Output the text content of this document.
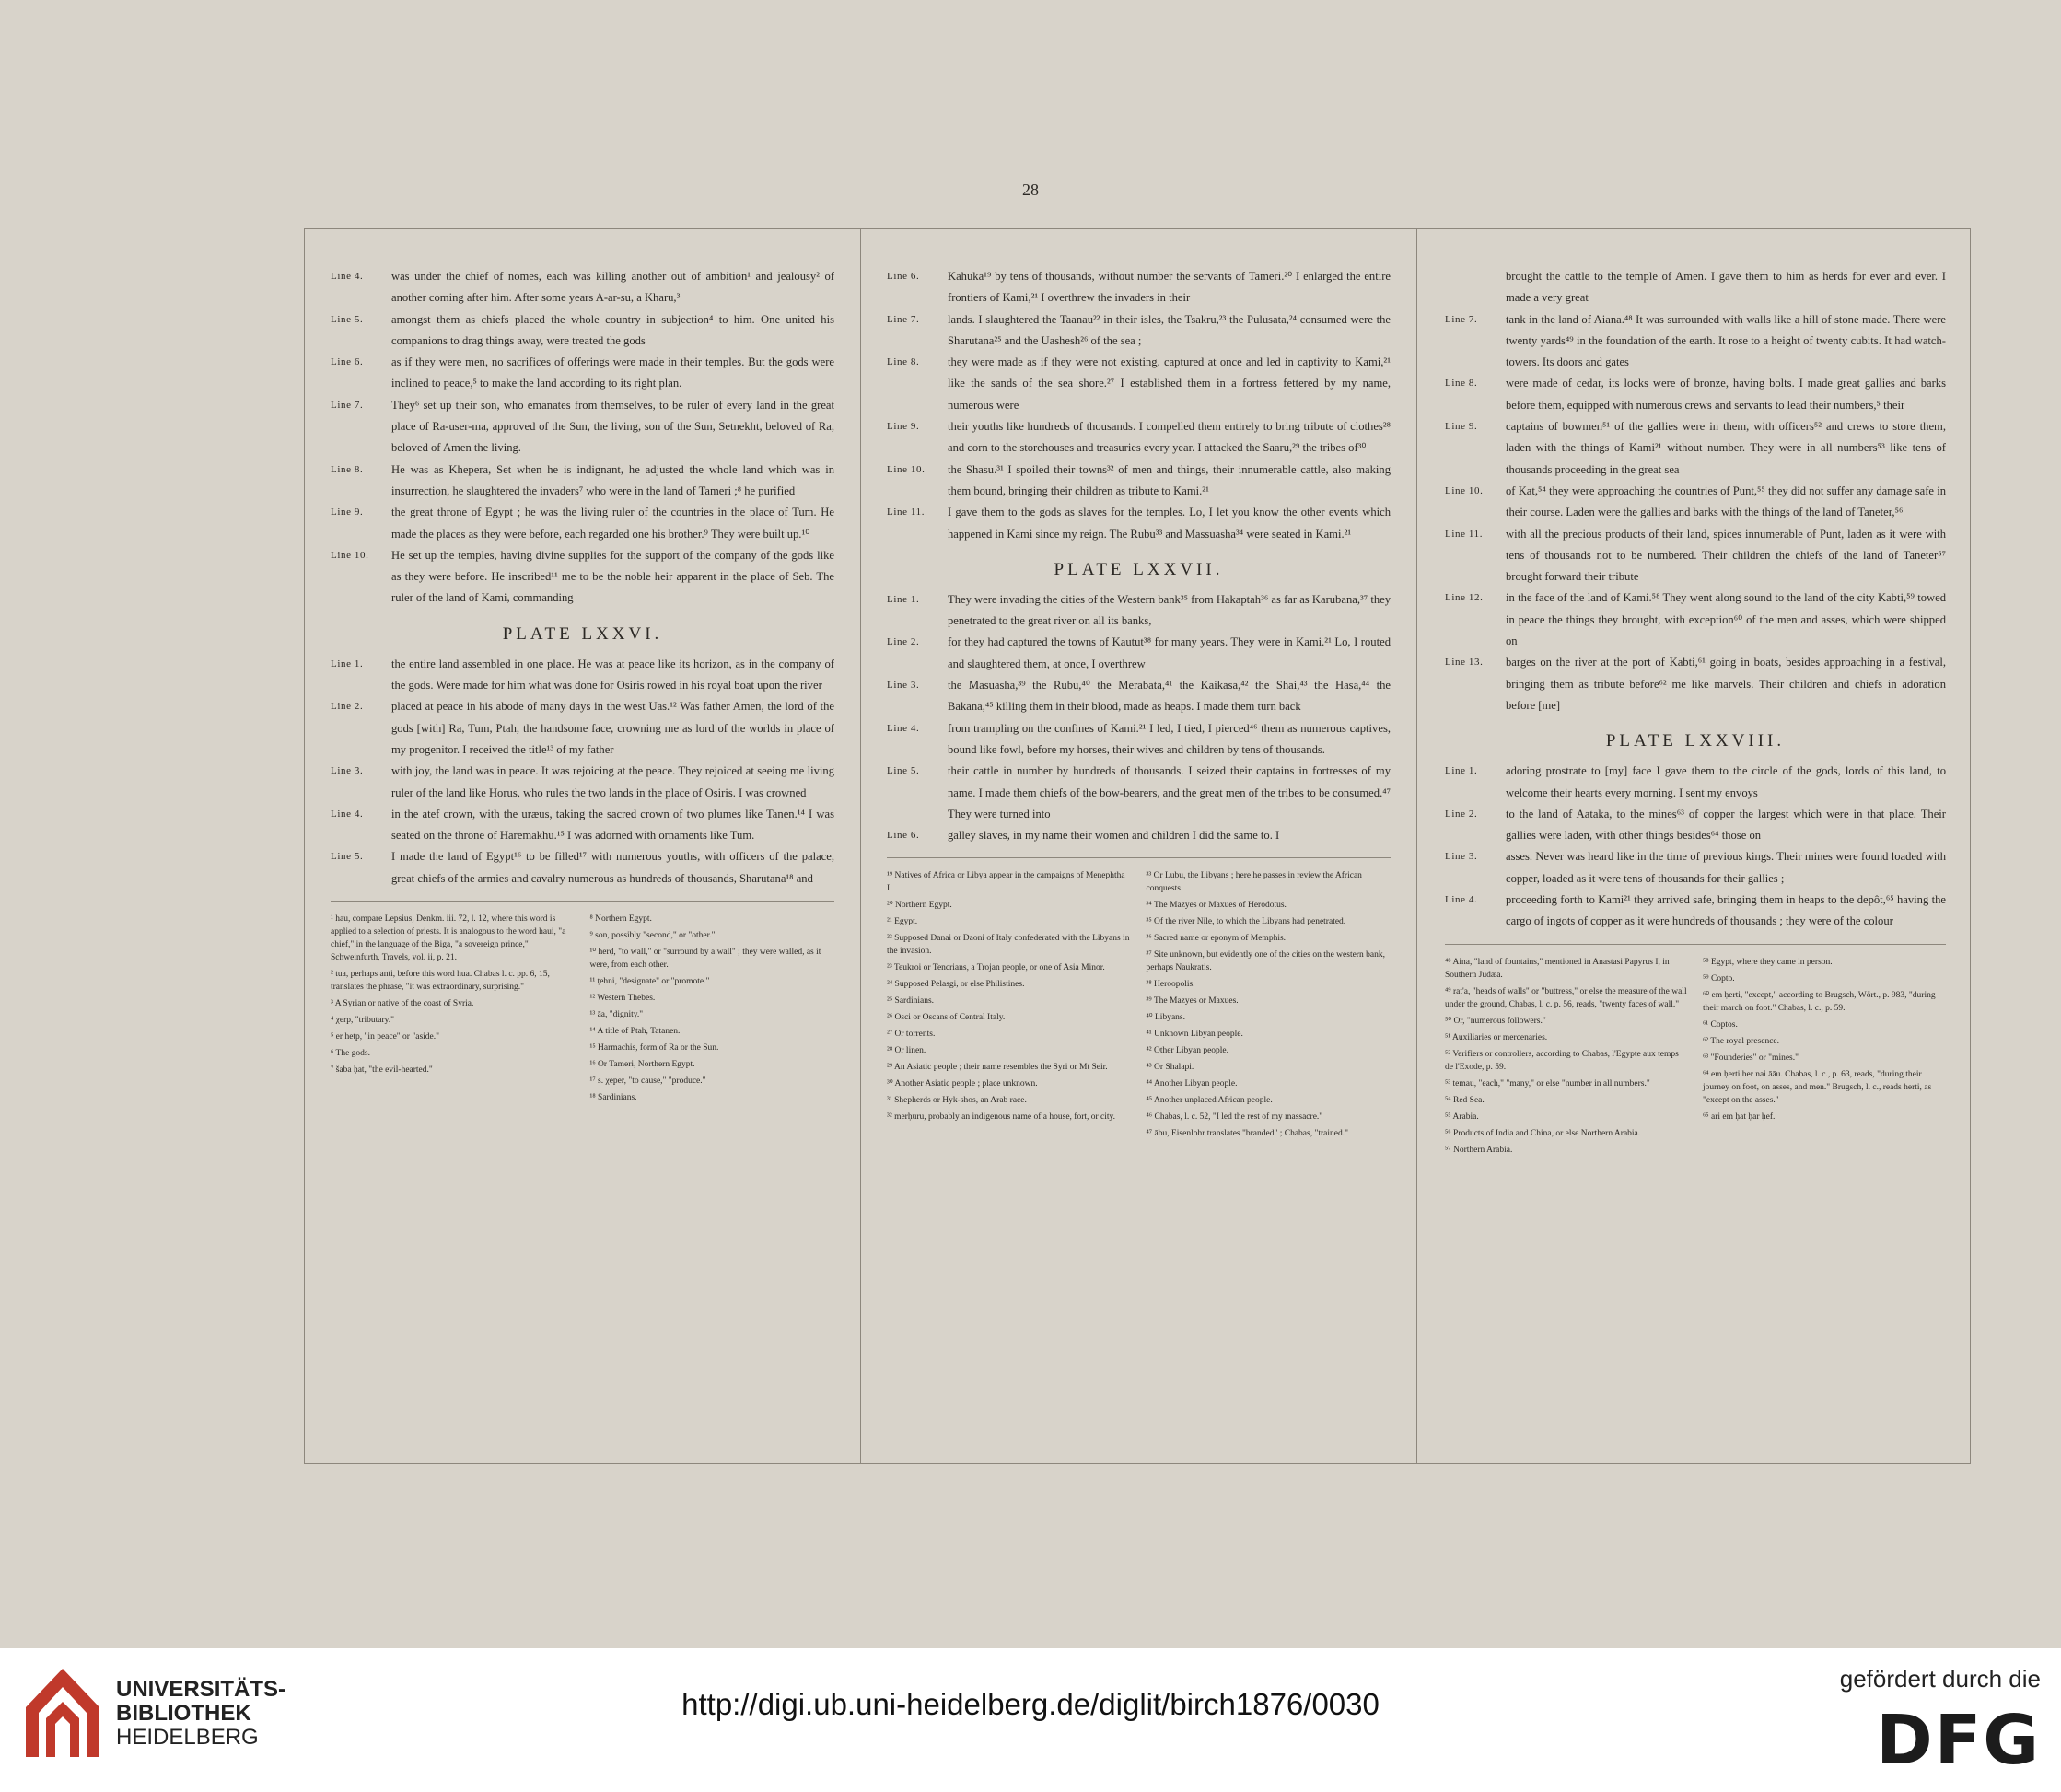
28
Line 4.	was under the chief of nomes, each was killing another out of ambition¹ and jealousy² of another coming after him. After some years A-ar-su, a Kharu,³
Line 5.	amongst them as chiefs placed the whole country in subjection⁴ to him. One united his companions to drag things away, were treated the gods
Line 6.	as if they were men, no sacrifices of offerings were made in their temples. But the gods were inclined to peace,⁵ to make the land according to its right plan.
Line 7.	They⁶ set up their son, who emanates from themselves, to be ruler of every land in the great place of Ra-user-ma, approved of the Sun, the living, son of the Sun, Setnekht, beloved of Ra, beloved of Amen the living.
Line 8.	He was as Khepera, Set when he is indignant, he adjusted the whole land which was in insurrection, he slaughtered the invaders⁷ who were in the land of Tameri ;⁸ he purified
Line 9.	the great throne of Egypt ; he was the living ruler of the countries in the place of Tum. He made the places as they were before, each regarded one his brother.⁹ They were built up.¹⁰
Line 10.	He set up the temples, having divine supplies for the support of the company of the gods like as they were before. He inscribed¹¹ me to be the noble heir apparent in the place of Seb. The ruler of the land of Kami, commanding
PLATE LXXVI.
Line 1.	the entire land assembled in one place. He was at peace like its horizon, as in the company of the gods. Were made for him what was done for Osiris rowed in his royal boat upon the river
Line 2.	placed at peace in his abode of many days in the west Uas.¹² Was father Amen, the lord of the gods [with] Ra, Tum, Ptah, the handsome face, crowning me as lord of the worlds in place of my progenitor. I received the title¹³ of my father
Line 3.	with joy, the land was in peace. It was rejoicing at the peace. They rejoiced at seeing me living ruler of the land like Horus, who rules the two lands in the place of Osiris. I was crowned
Line 4.	in the atef crown, with the uræus, taking the sacred crown of two plumes like Tanen.¹⁴ I was seated on the throne of Haremakhu.¹⁵ I was adorned with ornaments like Tum.
Line 5.	I made the land of Egypt¹⁶ to be filled¹⁷ with numerous youths, with officers of the palace, great chiefs of the armies and cavalry numerous as hundreds of thousands, Sharutana¹⁸ and
¹ hau, compare Lepsius, Denkm. iii. 72, l. 12, where this word is applied to a selection of priests. It is analogous to the word haui, "a chief," in the language of the Biga, "a sovereign prince," Schweinfurth, Travels, vol. ii, p. 21.
² tua, perhaps anti, before this word hua. Chabas l. c. pp. 6, 15, translates the phrase, "it was extraordinary, surprising."
³ A Syrian or native of the coast of Syria.
⁴ χerp, "tributary."
⁵ er hetp, "in peace" or "aside."
⁶ The gods.
⁷ šaba ḥat, "the evil-hearted."
⁸ Northern Egypt.
⁹ son, possibly "second," or "other."
¹⁰ herḍ, "to wall," or "surround by a wall" ; they were walled, as it were, from each other.
¹¹ ṭehni, "designate" or "promote."
¹² Western Thebes.
¹³ āa, "dignity."
¹⁴ A title of Ptah, Tatanen.
¹⁵ Harmachis, form of Ra or the Sun.
¹⁶ Or Tameri, Northern Egypt.
¹⁷ s. χeper, "to cause," "produce."
¹⁸ Sardinians.
Line 6.	Kahuka¹⁹ by tens of thousands, without number the servants of Tameri.²⁰ I enlarged the entire frontiers of Kami,²¹ I overthrew the invaders in their
Line 7.	lands. I slaughtered the Taanau²² in their isles, the Tsakru,²³ the Pulusata,²⁴ consumed were the Sharutana²⁵ and the Uashesh²⁶ of the sea ;
Line 8.	they were made as if they were not existing, captured at once and led in captivity to Kami,²¹ like the sands of the sea shore.²⁷ I established them in a fortress fettered by my name, numerous were
Line 9.	their youths like hundreds of thousands. I compelled them entirely to bring tribute of clothes²⁸ and corn to the storehouses and treasuries every year. I attacked the Saaru,²⁹ the tribes of³⁰
Line 10.	the Shasu.³¹ I spoiled their towns³² of men and things, their innumerable cattle, also making them bound, bringing their children as tribute to Kami.²¹
Line 11.	I gave them to the gods as slaves for the temples. Lo, I let you know the other events which happened in Kami since my reign. The Rubu³³ and Massuasha³⁴ were seated in Kami.²¹
PLATE LXXVII.
Line 1.	They were invading the cities of the Western bank³⁵ from Hakaptah³⁶ as far as Karubana,³⁷ they penetrated to the great river on all its banks,
Line 2.	for they had captured the towns of Kautut³⁸ for many years. They were in Kami.²¹ Lo, I routed and slaughtered them, at once, I overthrew
Line 3.	the Masuasha,³⁹ the Rubu,⁴⁰ the Merabata,⁴¹ the Kaikasa,⁴² the Shai,⁴³ the Hasa,⁴⁴ the Bakana,⁴⁵ killing them in their blood, made as heaps. I made them turn back
Line 4.	from trampling on the confines of Kami.²¹ I led, I tied, I pierced⁴⁶ them as numerous captives, bound like fowl, before my horses, their wives and children by tens of thousands.
Line 5.	their cattle in number by hundreds of thousands. I seized their captains in fortresses of my name. I made them chiefs of the bow-bearers, and the great men of the tribes to be consumed.⁴⁷ They were turned into
Line 6.	galley slaves, in my name their women and children I did the same to. I
¹⁹ Natives of Africa or Libya appear in the campaigns of Menephtha I.
²⁰ Northern Egypt.
²¹ Egypt.
²² Supposed Danai or Daoni of Italy confederated with the Libyans in the invasion.
²³ Teukroi or Tencrians, a Trojan people, or one of Asia Minor.
²⁴ Supposed Pelasgi, or else Philistines.
²⁵ Sardinians.
²⁶ Osci or Oscans of Central Italy.
²⁷ Or torrents.
²⁸ Or linen.
²⁹ An Asiatic people ; their name resembles the Syri or Mt Seir.
³⁰ Another Asiatic people ; place unknown.
³¹ Shepherds or Hyk-shos, an Arab race.
³² merḥuru, probably an indigenous name of a house, fort, or city.
³³ Or Lubu, the Libyans ; here he passes in review the African conquests.
³⁴ The Mazyes or Maxues of Herodotus.
³⁵ Of the river Nile, to which the Libyans had penetrated.
³⁶ Sacred name or eponym of Memphis.
³⁷ Site unknown, but evidently one of the cities on the western bank, perhaps Naukratis.
³⁸ Heroopolis.
³⁹ The Mazyes or Maxues.
⁴⁰ Libyans.
⁴¹ Unknown Libyan people.
⁴² Other Libyan people.
⁴³ Or Shalapi.
⁴⁴ Another Libyan people.
⁴⁵ Another unplaced African people.
⁴⁶ Chabas, l. c. 52, "I led the rest of my massacre."
⁴⁷ ābu, Eisenlohr translates "branded" ; Chabas, "trained."
brought the cattle to the temple of Amen. I gave them to him as herds for ever and ever. I made a very great
Line 7.	tank in the land of Aiana.⁴⁸ It was surrounded with walls like a hill of stone made. There were twenty yards⁴⁹ in the foundation of the earth. It rose to a height of twenty cubits. It had watch-towers. Its doors and gates
Line 8.	were made of cedar, its locks were of bronze, having bolts. I made great gallies and barks before them, equipped with numerous crews and servants to lead their numbers,⁵ their
Line 9.	captains of bowmen⁵¹ of the gallies were in them, with officers⁵² and crews to store them, laden with the things of Kami²¹ without number. They were in all numbers⁵³ like tens of thousands proceeding in the great sea
Line 10.	of Kat,⁵⁴ they were approaching the countries of Punt,⁵⁵ they did not suffer any damage safe in their course. Laden were the gallies and barks with the things of the land of Taneter,⁵⁶
Line 11.	with all the precious products of their land, spices innumerable of Punt, laden as it were with tens of thousands not to be numbered. Their children the chiefs of the land of Taneter⁵⁷ brought forward their tribute
Line 12.	in the face of the land of Kami.⁵⁸ They went along sound to the land of the city Kabti,⁵⁹ towed in peace the things they brought, with exception⁶⁰ of the men and asses, which were shipped on
Line 13.	barges on the river at the port of Kabti,⁶¹ going in boats, besides approaching in a festival, bringing them as tribute before⁶² me like marvels. Their children and chiefs in adoration before [me]
PLATE LXXVIII.
Line 1.	adoring prostrate to [my] face I gave them to the circle of the gods, lords of this land, to welcome their hearts every morning. I sent my envoys
Line 2.	to the land of Aataka, to the mines⁶³ of copper the largest which were in that place. Their gallies were laden, with other things besides⁶⁴ those on
Line 3.	asses. Never was heard like in the time of previous kings. Their mines were found loaded with copper, loaded as it were tens of thousands for their gallies ;
Line 4.	proceeding forth to Kami²¹ they arrived safe, bringing them in heaps to the depôt,⁶⁵ having the cargo of ingots of copper as it were hundreds of thousands ; they were of the colour
⁴⁸ Aina, "land of fountains," mentioned in Anastasi Papyrus I, in Southern Judæa.
⁴⁹ rat'a, "heads of walls" or "buttress," or else the measure of the wall under the ground, Chabas, l. c. p. 56, reads, "twenty faces of wall."
⁵⁰ Or, "numerous followers."
⁵¹ Auxiliaries or mercenaries.
⁵² Verifiers or controllers, according to Chabas, l'Egypte aux temps de l'Exode, p. 59.
⁵³ temau, "each," "many," or else "number in all numbers."
⁵⁴ Red Sea.
⁵⁵ Arabia.
⁵⁶ Products of India and China, or else Northern Arabia.
⁵⁷ Northern Arabia.
⁵⁸ Egypt, where they came in person.
⁵⁹ Copto.
⁶⁰ em ḥerti, "except," according to Brugsch, Wört., p. 983, "during their march on foot." Chabas, l. c., p. 59.
⁶¹ Coptos.
⁶² The royal presence.
⁶³ "Founderies" or "mines."
⁶⁴ em ḥerti her nai āāu. Chabas, l. c., p. 63, reads, "during their journey on foot, on asses, and men." Brugsch, l. c., reads herti, as "except on the asses."
⁶⁵ ari em ḥat ḥar ḥef.
UNIVERSITÄTS-
BIBLIOTHEK
HEIDELBERG
http://digi.ub.uni-heidelberg.de/diglit/birch1876/0030
gefördert durch die
DFG
